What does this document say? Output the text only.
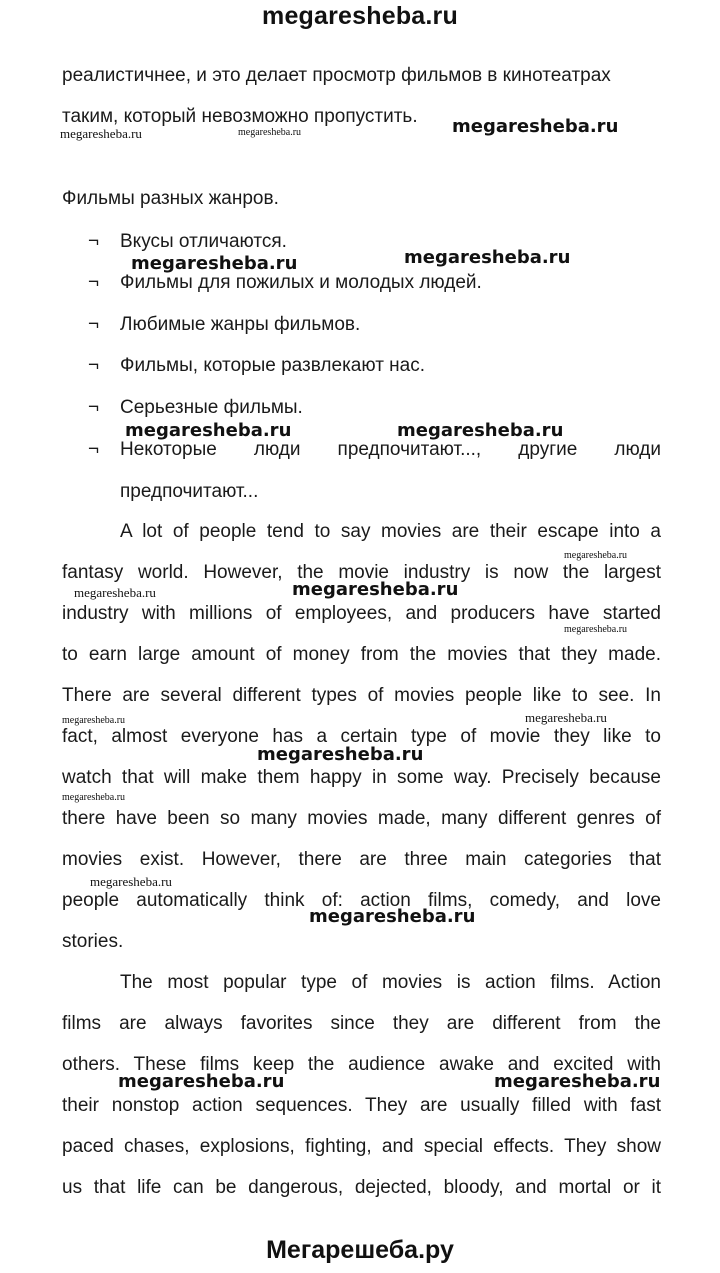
megaresheba.ru
Мегарешеба.ру
реалистичнее, и это делает просмотр фильмов в кинотеатрах
таким, который невозможно пропустить.
Фильмы разных жанров.
¬ Вкусы отличаются.
¬ Фильмы для пожилых и молодых людей.
¬ Любимые жанры фильмов.
¬ Фильмы, которые развлекают нас.
¬ Серьезные фильмы.
¬ Некоторые люди предпочитают..., другие люди
предпочитают...
A lot of people tend to say movies are their escape into a
fantasy world. However, the movie industry is now the largest
industry with millions of employees, and producers have started
to earn large amount of money from the movies that they made.
There are several different types of movies people like to see. In
fact, almost everyone has a certain type of movie they like to
watch that will make them happy in some way. Precisely because
there have been so many movies made, many different genres of
movies exist. However, there are three main categories that
people automatically think of: action films, comedy, and love
stories.
The most popular type of movies is action films. Action
films are always favorites since they are different from the
others. These films keep the audience awake and excited with
their nonstop action sequences. They are usually filled with fast
paced chases, explosions, fighting, and special effects. They show
us that life can be dangerous, dejected, bloody, and mortal or it
megaresheba.ru	megaresheba.ru	megaresheba.ru
megaresheba.ru	megaresheba.ru
megaresheba.ru	megaresheba.ru
megaresheba.ru
megaresheba.ru	megaresheba.ru
megaresheba.ru
megaresheba.ru	megaresheba.ru
megaresheba.ru
megaresheba.ru
megaresheba.ru
megaresheba.ru
megaresheba.ru	megaresheba.ru
